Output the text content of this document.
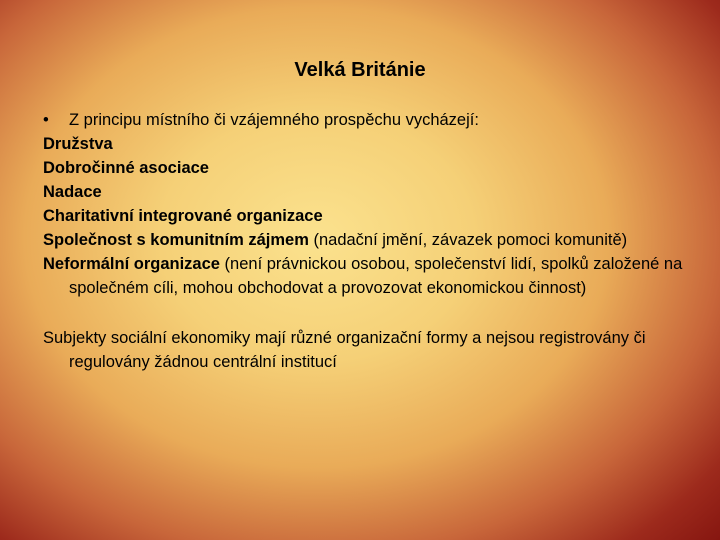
Velká Británie
•	Z principu místního či vzájemného prospěchu vycházejí:
Družstva
Dobročinné asociace
Nadace
Charitativní integrované organizace
Společnost s komunitním zájmem (nadační jmění, závazek pomoci komunitě)
Neformální organizace (není právnickou osobou, společenství lidí, spolků založené na společném cíli, mohou obchodovat a provozovat ekonomickou činnost)
Subjekty sociální ekonomiky mají různé organizační formy a nejsou registrovány či regulovány žádnou centrální institucí
